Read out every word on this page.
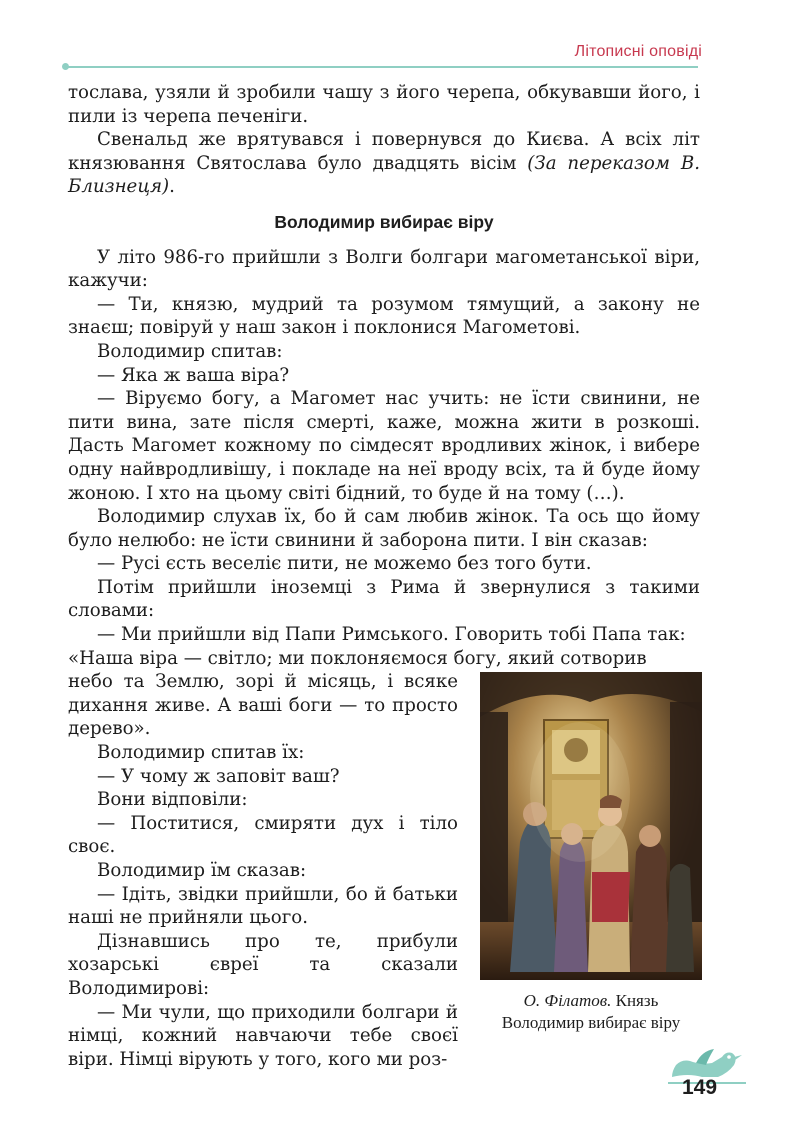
Літописні оповіді

тослава, узяли й зробили чашу з його черепа, обкувавши його, і пили із черепа печеніги.

Свенальд же врятувався і повернувся до Києва. А всіх літ князювання Святослава було двадцять вісім (За переказом В. Близнеця).

Володимир вибирає віру

У літо 986-го прийшли з Волги болгари магометанської віри, кажучи:

— Ти, князю, мудрий та розумом тямущий, а закону не знаєш; повіруй у наш закон і поклонися Магометові.

Володимир спитав:

— Яка ж ваша віра?

— Віруємо богу, а Магомет нас учить: не їсти свинини, не пити вина, зате після смерті, каже, можна жити в розкоші. Дасть Магомет кожному по сімдесят вродливих жінок, і вибере одну найвродливішу, і покладе на неї вроду всіх, та й буде йому жоною. І хто на цьому світі бідний, то буде й на тому (…).

Володимир слухав їх, бо й сам любив жінок. Та ось що йому було нелюбо: не їсти свинини й заборона пити. І він сказав:

— Русі єсть веселіє пити, не можемо без того бути.

Потім прийшли іноземці з Рима й звернулися з такими словами:

— Ми прийшли від Папи Римського. Говорить тобі Папа так:

«Наша віра — світло; ми поклоняємося богу, який сотворив

небо та Землю, зорі й місяць, і всяке дихання живе. А ваші боги — то просто дерево».

Володимир спитав їх:

— У чому ж заповіт ваш?

Вони відповіли:

— Поститися, смиряти дух і тіло своє.

Володимир їм сказав:

— Ідіть, звідки прийшли, бо й батьки наші не прийняли цього.

Дізнавшись про те, прибули хозарські євреї та сказали Володимирові:

— Ми чули, що приходили болгари й німці, кожний навчаючи тебе своєї віри. Німці вірують у того, кого ми роз-

О. Філатов. Князь
Володимир вибирає віру
149
